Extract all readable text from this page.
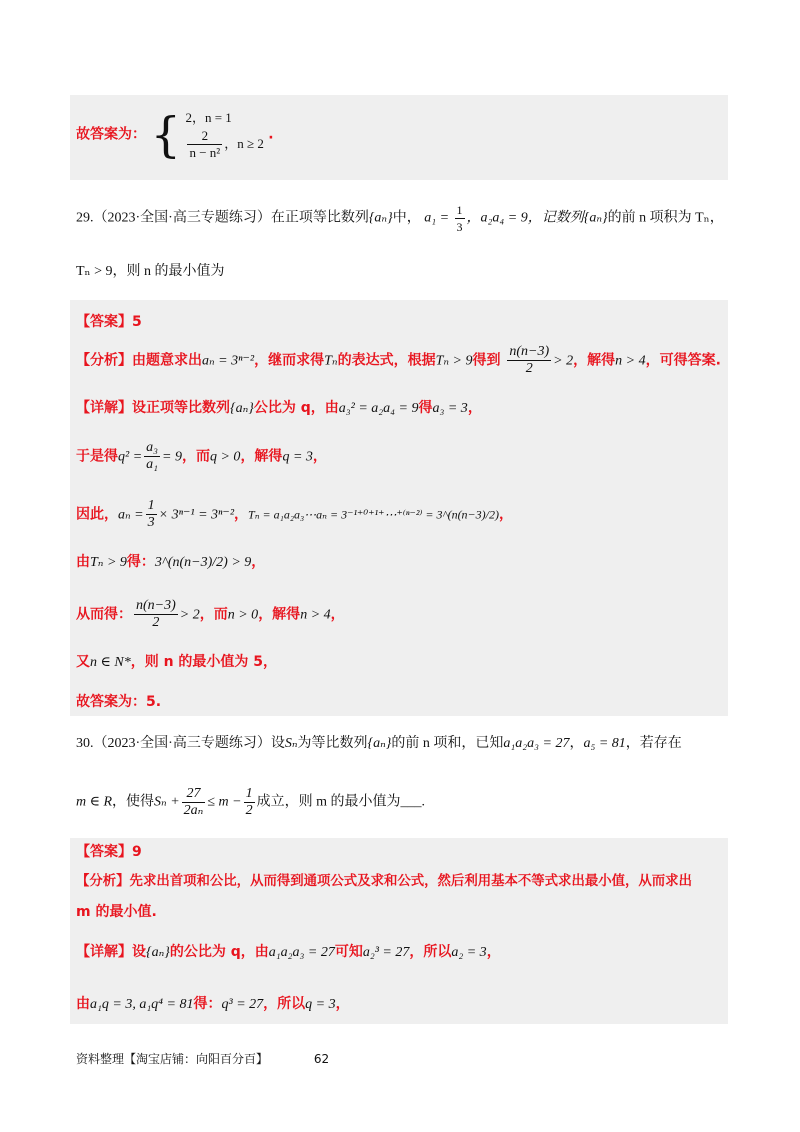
故答案为： { 2，n = 1
$\frac{2}{\text{n − n²}}$ ，n ≥ 2
.
29.（2023·全国·高三专题练习）在正项等比数列{aₙ}中， $a_1 = \frac{1}{3}$ ，a₂a₄ = 9，记数列{aₙ}的前 n 项积为 Tₙ，
Tₙ > 9，则 n 的最小值为
【答案】5
【分析】由题意求出aₙ = 3ⁿ⁻²，继而求得Tₙ的表达式，根据Tₙ > 9得到 $\frac{n(n-3)}{2} > 2$，解得n > 4，可得答案.
【详解】设正项等比数列{aₙ}公比为 q，由a₃² = a₂a₄ = 9得a₃ = 3，
于是得$q^2 = \frac{\text{a₃}}{\text{a₁}} = 9$，而q > 0，解得q = 3，
因此，$a_n = \frac{1}{3} \times 3^{n-1} = 3^{n-2}$，Tₙ = a₁a₂a₃⋯aₙ = 3⁻¹⁺⁰⁺¹⁺⋯⁺⁽ⁿ⁻²⁾ = 3^(n(n−3)/2)，
由Tₙ > 9得：3^(n(n−3)/2) > 9，
从而得： $\frac{n(n-3)}{2} > 2$，而n > 0，解得n > 4，
又n ∈ N*，则 n 的最小值为 5，
故答案为：5.
30.（2023·全国·高三专题练习）设Sₙ为等比数列{aₙ}的前 n 项和，已知a₁a₂a₃ = 27，a₅ = 81，若存在
m ∈ R，使得$S_n + \frac{27}{\text{2aₙ}} \le m - \frac{1}{2}$ 成立，则 m 的最小值为___.
【答案】9
【分析】先求出首项和公比，从而得到通项公式及求和公式，然后利用基本不等式求出最小值，从而求出
m 的最小值.
【详解】设{aₙ}的公比为 q，由a₁a₂a₃ = 27可知a₂³ = 27，所以a₂ = 3，
由a₁q = 3, a₁q⁴ = 81得：q³ = 27，所以q = 3，
资料整理【淘宝店铺：向阳百分百】	62
